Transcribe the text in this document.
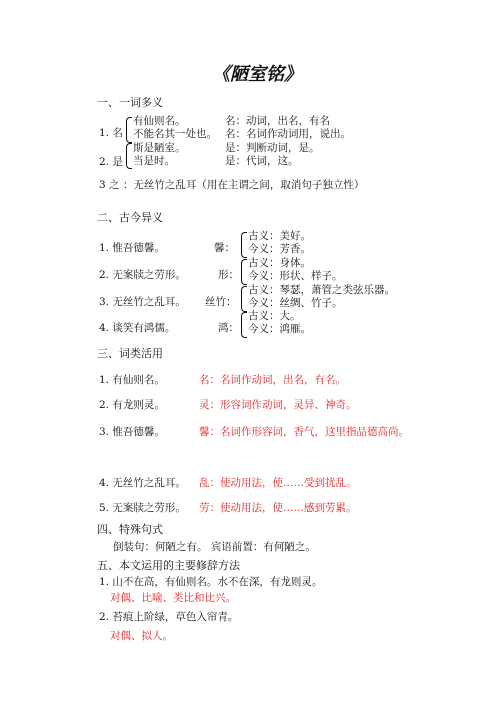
《陋室铭》
一、一词多义
1. 名
有仙则名。	名：动词，出名，有名
不能名其一处也。 名：名词作动词用，说出。
2. 是
斯是陋室。	是：判断动词，是。
当是时。	是：代词，这。
3 之 ：无丝竹之乱耳（用在主谓之间，取消句子独立性）
二、古今异义
1. 惟吾德馨。	馨：
古义：美好。
今义：芳香。
2. 无案牍之劳形。	形：
古义：身体。
今义：形状、样子。
3. 无丝竹之乱耳。 丝竹：
古义：琴瑟，萧管之类弦乐器。
今义：丝绸、竹子。
4. 谈笑有鸿儒。	鸿：
古义：大。
今义：鸿雁。
三、词类活用
1. 有仙则名。	名：名词作动词，出名，有名。
2. 有龙则灵。	灵：形容词作动词，灵异、神奇。
3. 惟吾德馨。	馨：名词作形容词，香气，这里指品德高尚。
4. 无丝竹之乱耳。 乱：使动用法，使……受到扰乱。
5. 无案牍之劳形。 劳：使动用法，使……感到劳累。
四、特殊句式
倒装句：何陋之有。 宾语前置：有何陋之。
五、本文运用的主要修辞方法
1. 山不在高，有仙则名。水不在深，有龙则灵。
对偶、比喻、类比和比兴。
2. 苔痕上阶绿，草色入帘青。
对偶、拟人。
